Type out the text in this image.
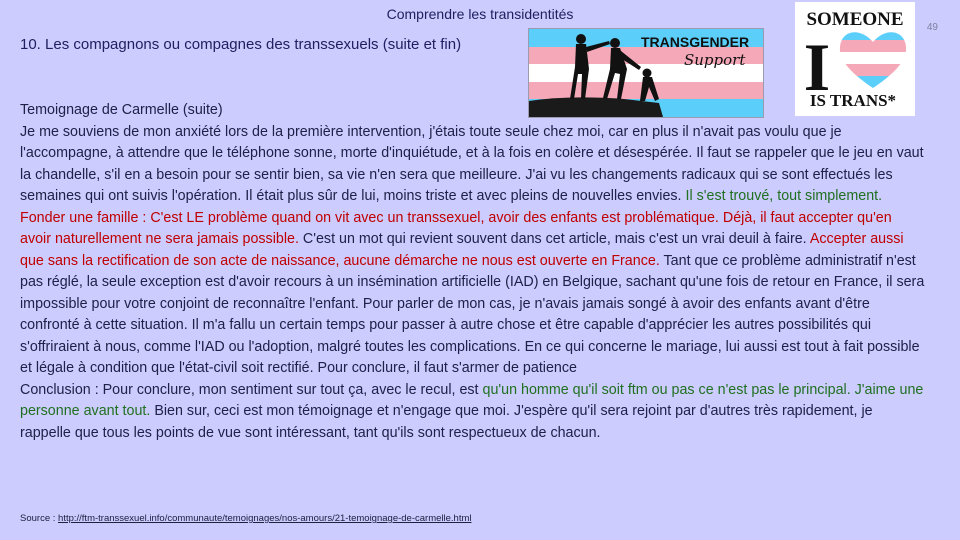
Comprendre les transidentités
49
10. Les compagnons ou compagnes des transsexuels (suite et fin)	TRANSGENDER
Support
SOMEONE
I
IS TRANS*
Temoignage de Carmelle (suite)

Je me souviens de mon anxiété lors de la première intervention, j'étais toute seule chez moi, car en plus il n'avait pas voulu que je l'accompagne, à attendre que le téléphone sonne, morte d'inquiétude, et à la fois en colère et désespérée. Il faut se rappeler que le jeu en vaut la chandelle, s'il en a besoin pour se sentir bien, sa vie n'en sera que meilleure. J'ai vu les changements radicaux qui se sont effectués les semaines qui ont suivis l'opération. Il était plus sûr de lui, moins triste et avec pleins de nouvelles envies. Il s'est trouvé, tout simplement.

Fonder une famille : C'est LE problème quand on vit avec un transsexuel, avoir des enfants est problématique. Déjà, il faut accepter qu'en avoir naturellement ne sera jamais possible. C'est un mot qui revient souvent dans cet article, mais c'est un vrai deuil à faire. Accepter aussi que sans la rectification de son acte de naissance, aucune démarche ne nous est ouverte en France. Tant que ce problème administratif n'est pas réglé, la seule exception est d'avoir recours à un insémination artificielle (IAD) en Belgique, sachant qu'une fois de retour en France, il sera impossible pour votre conjoint de reconnaître l'enfant. Pour parler de mon cas, je n'avais jamais songé à avoir des enfants avant d'être confronté à cette situation. Il m'a fallu un certain temps pour passer à autre chose et être capable d'apprécier les autres possibilités qui s'offriraient à nous, comme l'IAD ou l'adoption, malgré toutes les complications. En ce qui concerne le mariage, lui aussi est tout à fait possible et légale à condition que l'état-civil soit rectifié. Pour conclure, il faut s'armer de patience

Conclusion : Pour conclure, mon sentiment sur tout ça, avec le recul, est qu'un homme qu'il soit ftm ou pas ce n'est pas le principal. J'aime une personne avant tout. Bien sur, ceci est mon témoignage et n'engage que moi. J'espère qu'il sera rejoint par d'autres très rapidement, je rappelle que tous les points de vue sont intéressant, tant qu'ils sont respectueux de chacun.

Source : http://ftm-transsexuel.info/communaute/temoignages/nos-amours/21-temoignage-de-carmelle.html
